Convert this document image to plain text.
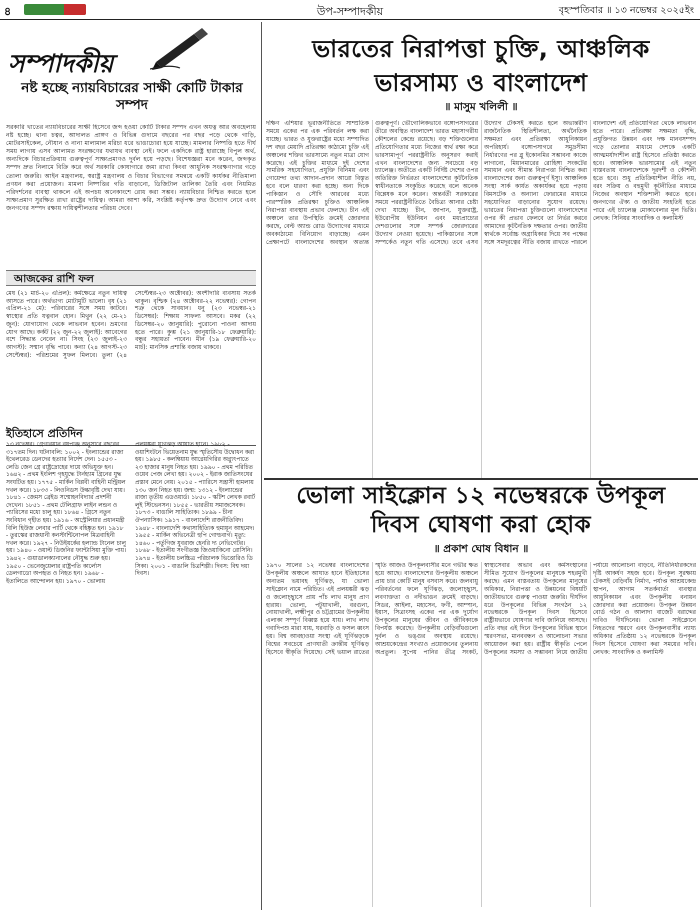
৪	উপ-সম্পাদকীয়	বৃহস্পতিবার ॥ ১৩ নভেম্বর ২০২৫ইং
সম্পাদকীয়
নষ্ট হচ্ছে ন্যায়বিচারের সাক্ষী কোটি টাকার সম্পদ
সরকারি খাতের ন্যায়বিচারের সাক্ষী হিসেবে জব্দ হওয়া কোটি টাকার সম্পদ এখন অযত্ন আর অবহেলায় নষ্ট হচ্ছে। থানা চত্বর, আদালত প্রাঙ্গণ ও বিভিন্ন গুদামে বছরের পর বছর পড়ে থেকে গাড়ি, মোটরসাইকেল, নৌযান ও নানা মালামাল মরিচা ধরে ভাঙাচোরা হয়ে যাচ্ছে। মামলার নিষ্পত্তি হতে দীর্ঘ সময় লাগায় এসব আলামত সংরক্ষণের যথাযথ ব্যবস্থা নেই। ফলে একদিকে রাষ্ট্র হারাচ্ছে বিপুল অর্থ, অন্যদিকে বিচারপ্রক্রিয়ায় গুরুত্বপূর্ণ সাক্ষ্যপ্রমাণও দুর্বল হয়ে পড়ছে। বিশেষজ্ঞরা মনে করেন, জব্দকৃত সম্পদ দ্রুত নিলামে বিক্রি করে অর্থ সরকারি কোষাগারে জমা রাখা কিংবা আধুনিক সংরক্ষণাগার গড়ে তোলা জরুরি। আইন মন্ত্রণালয়, স্বরাষ্ট্র মন্ত্রণালয় ও বিচার বিভাগের সমন্বয়ে একটি কার্যকর নীতিমালা প্রণয়ন করা প্রয়োজন। মামলা নিষ্পত্তির গতি বাড়ানো, ডিজিটাল তালিকা তৈরি এবং নিয়মিত পরিদর্শনের ব্যবস্থা থাকলে এই অপচয় অনেকাংশে রোধ করা সম্ভব। ন্যায়বিচার নিশ্চিত করতে হলে সাক্ষ্যপ্রমাণ সুরক্ষিত রাখা রাষ্ট্রের দায়িত্ব। আমরা আশা করি, সংশ্লিষ্ট কর্তৃপক্ষ দ্রুত উদ্যোগ নেবে এবং জনগণের সম্পদ রক্ষায় দায়িত্বশীলতার পরিচয় দেবে।
আজকের রাশি ফল
মেষ (২১ মার্চ-২০ এপ্রিল): কর্মক্ষেত্রে নতুন দায়িত্ব আসতে পারে। অর্থভাগ্য মোটামুটি ভালো। বৃষ (২১ এপ্রিল-২১ মে): পরিবারের সঙ্গে সময় কাটবে। স্বাস্থ্যের প্রতি যত্নবান হোন। মিথুন (২২ মে-২১ জুন): যোগাযোগ থেকে লাভবান হবেন। ভ্রমণের যোগ আছে। কর্কট (২২ জুন-২২ জুলাই): আবেগের বশে সিদ্ধান্ত নেবেন না। সিংহ (২৩ জুলাই-২৩ আগস্ট): সম্মান বৃদ্ধি পাবে। কন্যা (২৪ আগস্ট-২৩ সেপ্টেম্বর): পরিশ্রমের সুফল মিলবে। তুলা (২৪ সেপ্টেম্বর-২৩ অক্টোবর): অংশীদারি ব্যবসায় সতর্ক থাকুন। বৃশ্চিক (২৪ অক্টোবর-২২ নভেম্বর): গোপন শত্রু থেকে সাবধান। ধনু (২৩ নভেম্বর-২১ ডিসেম্বর): শিক্ষায় সাফল্য আসবে। মকর (২২ ডিসেম্বর-২০ জানুয়ারি): পুরোনো পাওনা আদায় হতে পারে। কুম্ভ (২১ জানুয়ারি-১৮ ফেব্রুয়ারি): বন্ধুর সহায়তা পাবেন। মীন (১৯ ফেব্রুয়ারি-২০ মার্চ): মানসিক প্রশান্তি বজায় থাকবে।
ইতিহাসে প্রতিদিন
১৩ নভেম্বর। গ্রেগরিয়ান বর্ষপঞ্জি অনুসারে বছরের ৩১৭তম দিন। ঘটনাবলি: ১০০২ - ইংল্যান্ডের রাজা ইথেলরেড ডেনদের হত্যার নির্দেশ দেন। ১৫৫৩ - লেডি জেন গ্রে রাষ্ট্রদ্রোহের দায়ে অভিযুক্ত হন। ১৬৪২ - প্রথম ইংলিশ গৃহযুদ্ধে টার্নহ্যাম গ্রিনের যুদ্ধ সংঘটিত হয়। ১৭৭৫ - মার্কিন বিপ্লবী বাহিনী মন্ট্রিয়ল দখল করে। ১৮৩৩ - লিওনিডস উল্কাবৃষ্টি দেখা যায়। ১৮৪১ - জেমস ব্রেইড সম্মোহনবিদ্যার প্রদর্শনী দেখেন। ১৮৫১ - প্রথম টেলিগ্রাফ লাইন লন্ডন ও প্যারিসের মধ্যে চালু হয়। ১৮৬৪ - গ্রিসে নতুন সংবিধান গৃহীত হয়। ১৯১৬ - অস্ট্রেলিয়ার প্রধানমন্ত্রী বিলি হিউজ লেবার পার্টি থেকে বহিষ্কৃত হন। ১৯১৮ - তুরস্কের রাজধানী কনস্টান্টিনোপল মিত্রবাহিনী দখল করে। ১৯২৭ - নিউইয়র্কের হল্যান্ড টানেল চালু হয়। ১৯৪০ - ওয়াল্ট ডিজনির ফ্যান্টাসিয়া মুক্তি পায়। ১৯৪২ - গুয়াডালক্যানালের নৌযুদ্ধ শুরু হয়। ১৯৫০ - ভেনেজুয়েলার রাষ্ট্রপতি কার্লোস ডেলগাডো অপহৃত ও নিহত হন। ১৯৬৮ - ইতালিতে আন্দোলন হয়। ১৯৭০ - ভোলায় প্রলয়ঙ্করী ঘূর্ণিঝড় আঘাত হানে। ১৯৮২ - ওয়াশিংটনে ভিয়েতনাম যুদ্ধ স্মৃতিসৌধ উদ্বোধন করা হয়। ১৯৮৫ - কলম্বিয়ায় আগ্নেয়গিরির অগ্ন্যুৎপাতে ২৩ হাজার মানুষ নিহত হয়। ১৯৯০ - প্রথম পরিচিত ওয়েব পেজ লেখা হয়। ২০০২ - ইরাক জাতিসংঘের প্রস্তাব মেনে নেয়। ২০১৫ - প্যারিসে সন্ত্রাসী হামলায় ১৩০ জন নিহত হয়। জন্ম: ১৩১২ - ইংল্যান্ডের রাজা তৃতীয় এডওয়ার্ড। ১৮৫০ - স্কটিশ লেখক রবার্ট লুই স্টিভেনসন। ১৮৫৫ - ভারতীয় সমাজসেবক। ১৮৭৩ - বাঙালি সাহিত্যিক। ১৮৯৯ - চীনা ঔপন্যাসিক। ১৯১৭ - বাংলাদেশি রাজনীতিবিদ। ১৯৪৮ - বাংলাদেশি কথাসাহিত্যিক হুমায়ূন আহমেদ। ১৯৫৫ - মার্কিন অভিনেত্রী হুপি গোল্ডবার্গ। মৃত্যু: ১৪৬০ - পর্তুগিজ যুবরাজ হেনরি দ্য নেভিগেটর। ১৮৬৮ - ইতালীয় সংগীতজ্ঞ জিওয়াকিনো রোসিনি। ১৯৭৪ - ইতালীয় চলচ্চিত্র পরিচালক ভিত্তোরিও ডি সিকা। ২০০১ - বাঙালি চিত্রশিল্পী। দিবস: বিশ্ব দয়া দিবস।
ভারতের নিরাপত্তা চুক্তি, আঞ্চলিক
ভারসাম্য ও বাংলাদেশ
॥ মাসুম খলিলী ॥
দক্ষিণ এশিয়ার ভূরাজনীতিতে সাম্প্রতিক সময়ে একের পর এক পরিবর্তন লক্ষ করা যাচ্ছে। ভারত ও যুক্তরাষ্ট্রের মধ্যে সম্পাদিত দশ বছর মেয়াদি প্রতিরক্ষা কাঠামো চুক্তি এই অঞ্চলের শক্তির ভারসাম্যে নতুন মাত্রা যোগ করেছে। এই চুক্তির মাধ্যমে দুই দেশের সামরিক সহযোগিতা, প্রযুক্তি বিনিময় এবং গোয়েন্দা তথ্য আদান-প্রদান আরো বিস্তৃত হবে বলে ধারণা করা হচ্ছে। অন্য দিকে পাকিস্তান ও সৌদি আরবের মধ্যে পারস্পরিক প্রতিরক্ষা চুক্তিও আঞ্চলিক নিরাপত্তা ব্যবস্থায় প্রভাব ফেলছে। চীন এই অঞ্চলে তার উপস্থিতি ক্রমেই জোরদার করছে, বেল্ট অ্যান্ড রোড উদ্যোগের মাধ্যমে অবকাঠামো বিনিয়োগ বাড়াচ্ছে। এমন প্রেক্ষাপটে বাংলাদেশের অবস্থান অত্যন্ত গুরুত্বপূর্ণ। ভৌগোলিকভাবে বঙ্গোপসাগরের তীরে অবস্থিত বাংলাদেশ ভারত মহাসাগরীয় কৌশলের কেন্দ্রে রয়েছে। বড় শক্তিগুলোর প্রতিযোগিতার মধ্যে নিজের স্বার্থ রক্ষা করে ভারসাম্যপূর্ণ পররাষ্ট্রনীতি অনুসরণ করাই এখন বাংলাদেশের জন্য সবচেয়ে বড় চ্যালেঞ্জ। অতীতে একটি নির্দিষ্ট দেশের ওপর অতিরিক্ত নির্ভরতা বাংলাদেশের কূটনৈতিক স্বাধীনতাকে সংকুচিত করেছে বলে অনেক বিশ্লেষক মনে করেন। অন্তর্বর্তী সরকারের সময়ে পররাষ্ট্রনীতিতে বৈচিত্র্য আনার চেষ্টা দেখা যাচ্ছে। চীন, জাপান, যুক্তরাষ্ট্র, ইউরোপীয় ইউনিয়ন এবং মধ্যপ্রাচ্যের দেশগুলোর সঙ্গে সম্পর্ক জোরদারের উদ্যোগ নেওয়া হয়েছে। পাকিস্তানের সঙ্গে সম্পর্কেও নতুন গতি এসেছে। তবে এসব উদ্যোগ টেকসই করতে হলে অভ্যন্তরীণ রাজনৈতিক স্থিতিশীলতা, অর্থনৈতিক সক্ষমতা এবং প্রতিরক্ষা আধুনিকায়ন অপরিহার্য। বঙ্গোপসাগরে সমুদ্রসীমা নির্ধারণের পর ব্লু ইকোনমির সম্ভাবনা কাজে লাগানো, মিয়ানমারের রোহিঙ্গা সংকটের সমাধান এবং সীমান্ত নিরাপত্তা নিশ্চিত করা বাংলাদেশের জন্য গুরুত্বপূর্ণ ইস্যু। আঞ্চলিক সংস্থা সার্ক কার্যত অকার্যকর হয়ে পড়ায় বিমসটেক ও অন্যান্য ফোরামের মাধ্যমে সহযোগিতা বাড়ানোর সুযোগ রয়েছে। ভারতের নিরাপত্তা চুক্তিগুলো বাংলাদেশের ওপর কী প্রভাব ফেলবে তা নির্ভর করবে আমাদের কূটনৈতিক দক্ষতার ওপর। জাতীয় স্বার্থকে সর্বোচ্চ অগ্রাধিকার দিয়ে সব পক্ষের সঙ্গে সমদূরত্বের নীতি বজায় রাখতে পারলে বাংলাদেশ এই প্রতিযোগিতা থেকে লাভবান হতে পারে। প্রতিরক্ষা সক্ষমতা বৃদ্ধি, প্রযুক্তিগত উন্নয়ন এবং দক্ষ মানবসম্পদ গড়ে তোলার মাধ্যমে দেশকে একটি আত্মমর্যাদাশীল রাষ্ট্র হিসেবে প্রতিষ্ঠা করতে হবে। আঞ্চলিক ভারসাম্যের এই নতুন বাস্তবতায় বাংলাদেশকে দূরদর্শী ও কৌশলী হতে হবে। শুধু প্রতিক্রিয়াশীল নীতি নয়, বরং সক্রিয় ও বহুমুখী কূটনীতির মাধ্যমে নিজের অবস্থান শক্তিশালী করতে হবে। জনগণের ঐক্য ও জাতীয় সংহতিই হতে পারে এই চ্যালেঞ্জ মোকাবেলার মূল ভিত্তি। লেখক: সিনিয়র সাংবাদিক ও কলামিস্ট
ভোলা সাইক্লোন ১২ নভেম্বরকে উপকূল
দিবস ঘোষণা করা হোক
॥ প্রকাশ ঘোষ বিধান ॥
১৯৭০ সালের ১২ নভেম্বর বাংলাদেশের উপকূলীয় অঞ্চলে আঘাত হানে ইতিহাসের অন্যতম ভয়াবহ ঘূর্ণিঝড়, যা ভোলা সাইক্লোন নামে পরিচিত। এই প্রলয়ঙ্করী ঝড় ও জলোচ্ছ্বাসে প্রায় পাঁচ লাখ মানুষ প্রাণ হারায়। ভোলা, পটুয়াখালী, বরগুনা, নোয়াখালী, লক্ষ্মীপুর ও চট্টগ্রামের উপকূলীয় এলাকা সম্পূর্ণ বিধ্বস্ত হয়ে যায়। লাখ লাখ গবাদিপশু মারা যায়, ঘরবাড়ি ও ফসল ধ্বংস হয়। বিশ্ব আবহাওয়া সংস্থা এই ঘূর্ণিঝড়কে বিশ্বের সবচেয়ে প্রাণঘাতী ক্রান্তীয় ঘূর্ণিঝড় হিসেবে স্বীকৃতি দিয়েছে। সেই ভয়াল রাতের স্মৃতি আজও উপকূলবাসীর মনে গভীর ক্ষত হয়ে আছে। বাংলাদেশের উপকূলীয় অঞ্চলে প্রায় চার কোটি মানুষ বসবাস করে। জলবায়ু পরিবর্তনের ফলে ঘূর্ণিঝড়, জলোচ্ছ্বাস, লবণাক্ততা ও নদীভাঙন ক্রমেই বাড়ছে। সিডর, আইলা, মহাসেন, ফণী, আম্পান, ইয়াস, সিত্রাংসহ একের পর এক দুর্যোগ উপকূলের মানুষের জীবন ও জীবিকাকে বিপর্যস্ত করেছে। উপকূলীয় বেড়িবাঁধগুলো দুর্বল ও ভঙ্গুর অবস্থায় রয়েছে। আশ্রয়কেন্দ্রের সংখ্যাও প্রয়োজনের তুলনায় অপ্রতুল। সুপেয় পানির তীব্র সংকট, স্বাস্থ্যসেবার অভাব এবং কর্মসংস্থানের সীমিত সুযোগ উপকূলের মানুষকে শহরমুখী করছে। এমন বাস্তবতায় উপকূলের মানুষের অধিকার, নিরাপত্তা ও উন্নয়নের বিষয়টি জাতীয়ভাবে গুরুত্ব পাওয়া জরুরি। দীর্ঘদিন ধরে উপকূলের বিভিন্ন সংগঠন ১২ নভেম্বরকে উপকূল দিবস হিসেবে রাষ্ট্রীয়ভাবে ঘোষণার দাবি জানিয়ে আসছে। প্রতি বছর এই দিনে উপকূলের বিভিন্ন স্থানে স্মরণসভা, মানববন্ধন ও আলোচনা সভার আয়োজন করা হয়। রাষ্ট্রীয় স্বীকৃতি পেলে উপকূলের সমস্যা ও সম্ভাবনা নিয়ে জাতীয় পর্যায়ে আলোচনা বাড়বে, নীতিনির্ধারকদের দৃষ্টি আকর্ষণ সহজ হবে। উপকূল সুরক্ষায় টেকসই বেড়িবাঁধ নির্মাণ, পর্যাপ্ত আশ্রয়কেন্দ্র স্থাপন, আগাম সতর্কবার্তা ব্যবস্থার আধুনিকায়ন এবং উপকূলীয় বনায়ন জোরদার করা প্রয়োজন। উপকূল উন্নয়ন বোর্ড গঠন ও আলাদা বাজেট বরাদ্দের দাবিও দীর্ঘদিনের। ভোলা সাইক্লোনে নিহতদের স্মরণে এবং উপকূলবাসীর ন্যায্য অধিকার প্রতিষ্ঠায় ১২ নভেম্বরকে উপকূল দিবস হিসেবে ঘোষণা করা সময়ের দাবি। লেখক: সাংবাদিক ও কলামিস্ট
